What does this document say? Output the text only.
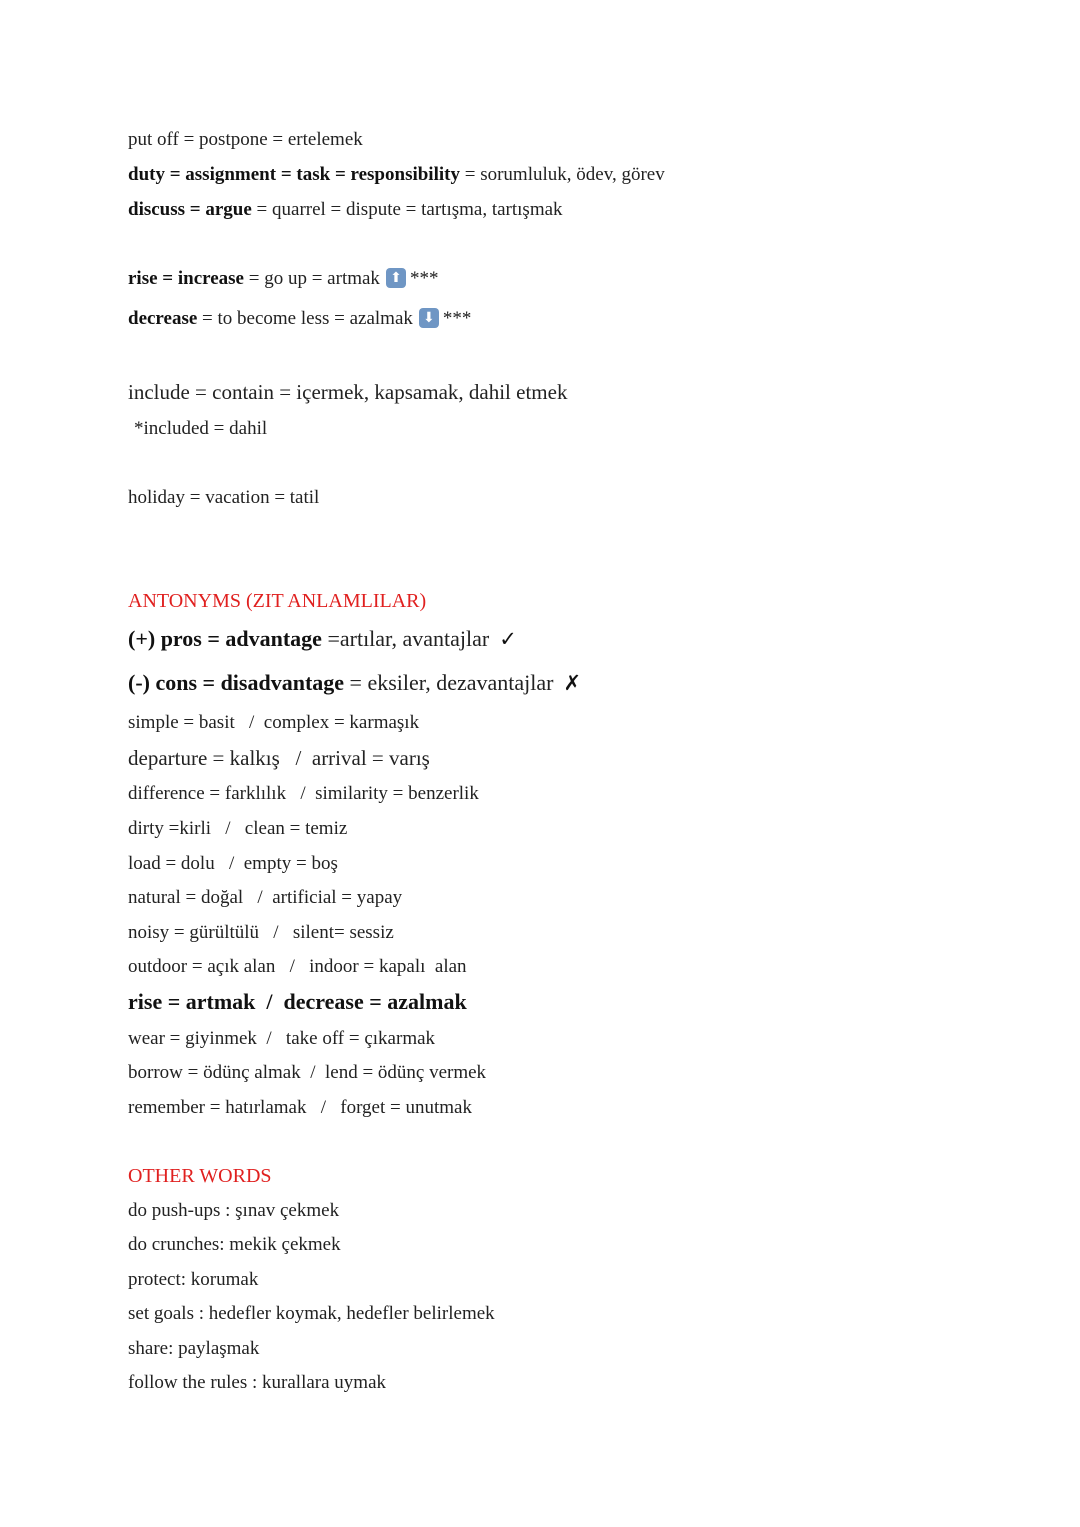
put off = postpone = ertelemek
duty = assignment = task = responsibility = sorumluluk, ödev, görev
discuss = argue = quarrel = dispute = tartışma, tartışmak
rise = increase = go up = artmak ⬆ ***
decrease = to become less = azalmak ⬇ ***
include = contain = içermek, kapsamak, dahil etmek
*included = dahil
holiday = vacation = tatil
ANTONYMS (ZIT ANLAMLILAR)
(+) pros = advantage =artılar, avantajlar ✓
(-) cons = disadvantage = eksiler, dezavantajlar ✗
simple = basit   /  complex = karmaşık
departure = kalkış   /  arrival = varış
difference = farklılık   /  similarity = benzerlik
dirty =kirli   /   clean = temiz
load = dolu   /  empty = boş
natural = doğal   /  artificial = yapay
noisy = gürültülü   /   silent= sessiz
outdoor = açık alan   /   indoor = kapalı  alan
rise = artmak  /  decrease = azalmak
wear = giyinmek  /   take off = çıkarmak
borrow = ödünç almak  /  lend = ödünç vermek
remember = hatırlamak   /   forget = unutmak
OTHER WORDS
do push-ups : şınav çekmek
do crunches: mekik çekmek
protect: korumak
set goals : hedefler koymak, hedefler belirlemek
share: paylaşmak
follow the rules : kurallara uymak
